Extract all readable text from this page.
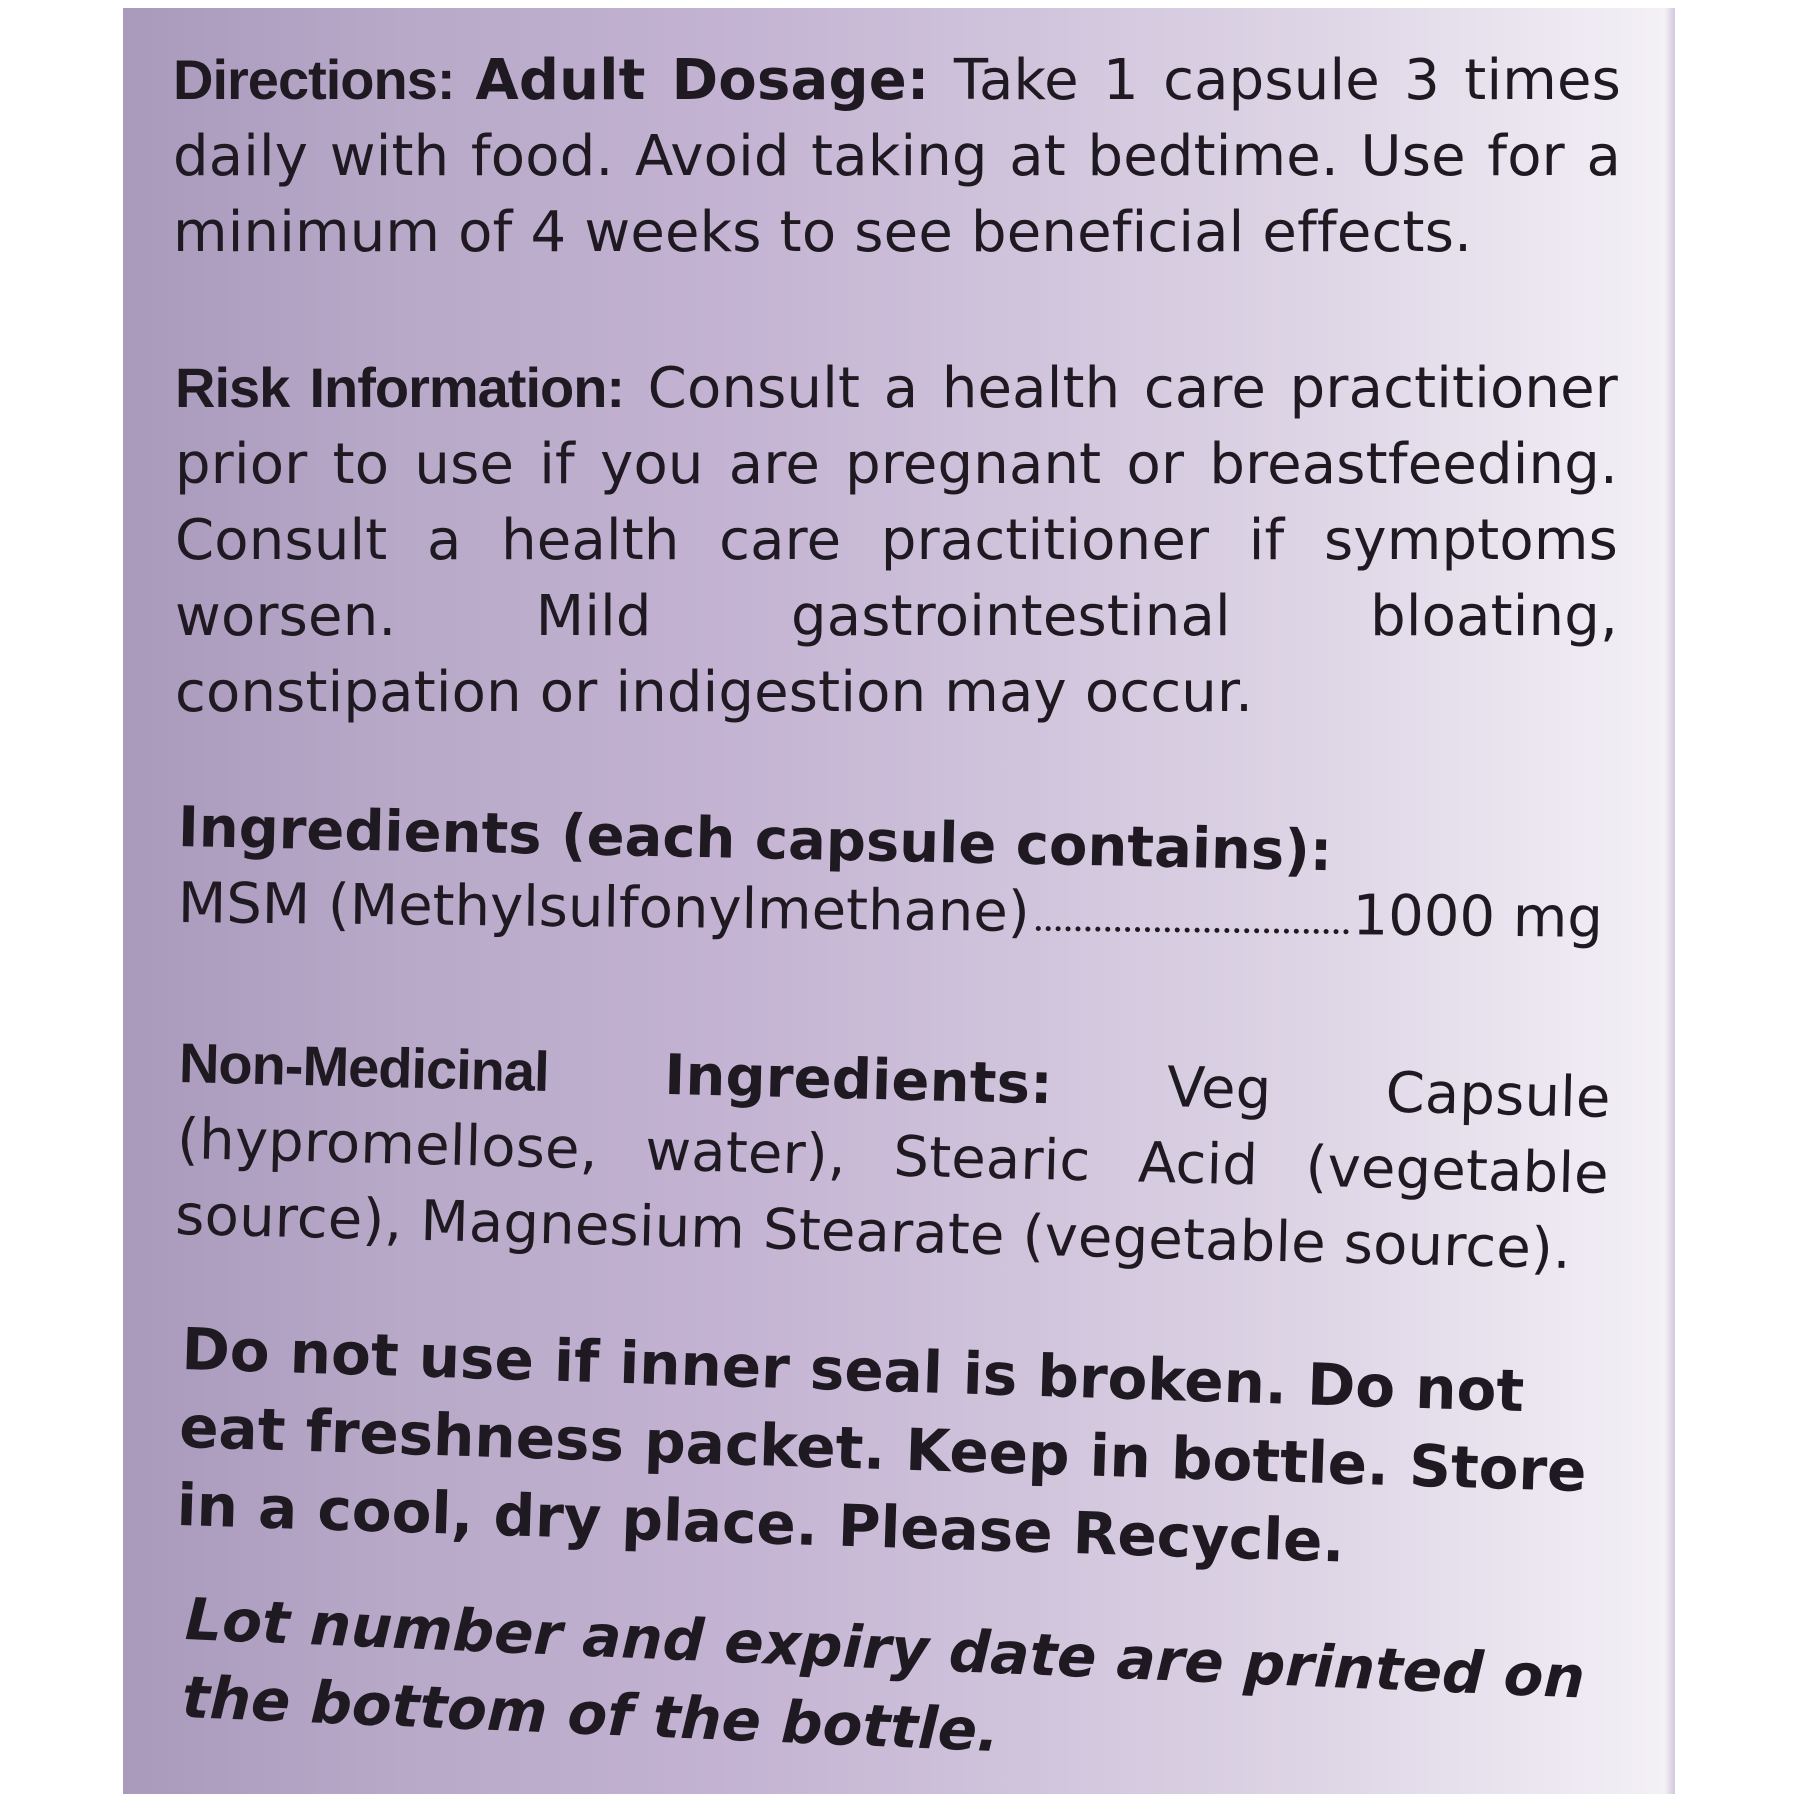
Directions: Adult Dosage: Take 1 capsule 3 times daily with food. Avoid taking at bedtime. Use for a minimum of 4 weeks to see beneficial effects.

Risk Information: Consult a health care practitioner prior to use if you are pregnant or breastfeeding. Consult a health care practitioner if symptoms worsen. Mild gastrointestinal bloating, constipation or indigestion may occur.

Ingredients (each capsule contains):
MSM (Methylsulfonylmethane)	1000 mg

Non-Medicinal Ingredients: Veg Capsule (hypromellose, water), Stearic Acid (vegetable source), Magnesium Stearate (vegetable source).

Do not use if inner seal is broken. Do not eat freshness packet. Keep in bottle. Store in a cool, dry place. Please Recycle.

Lot number and expiry date are printed on the bottom of the bottle.
